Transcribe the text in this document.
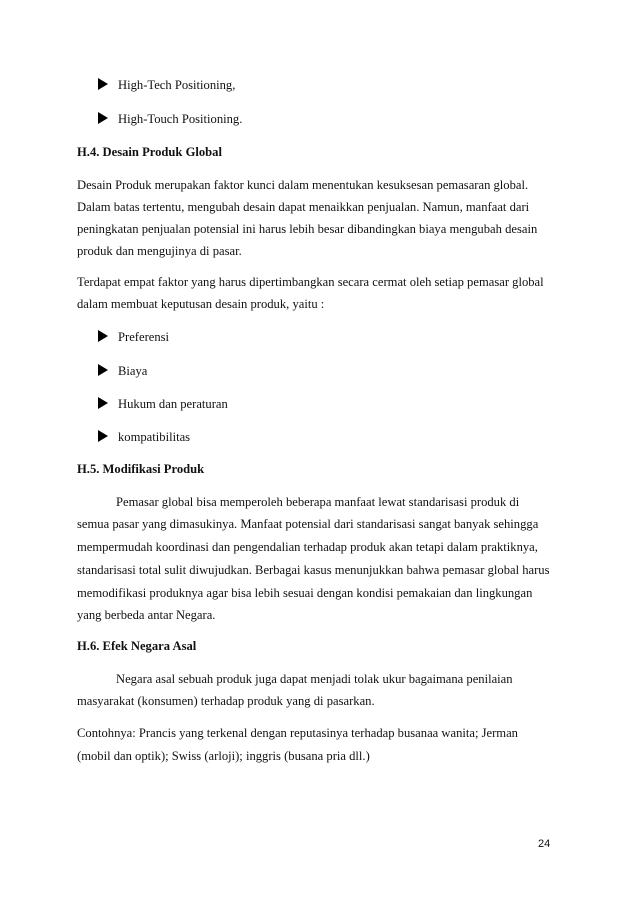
High-Tech Positioning,
High-Touch Positioning.
H.4. Desain Produk Global
Desain Produk merupakan faktor kunci dalam menentukan kesuksesan pemasaran global.
Dalam batas tertentu, mengubah desain dapat menaikkan penjualan. Namun, manfaat dari
peningkatan penjualan potensial ini harus lebih besar dibandingkan biaya mengubah desain
produk dan mengujinya di pasar.
Terdapat empat faktor yang harus dipertimbangkan secara cermat oleh setiap pemasar global
dalam membuat keputusan desain produk, yaitu :
Preferensi
Biaya
Hukum dan peraturan
kompatibilitas
H.5. Modifikasi Produk
Pemasar global bisa memperoleh beberapa manfaat lewat standarisasi produk di
semua pasar yang dimasukinya. Manfaat potensial dari standarisasi sangat banyak sehingga
mempermudah koordinasi dan pengendalian terhadap produk akan tetapi dalam praktiknya,
standarisasi total sulit diwujudkan. Berbagai kasus menunjukkan bahwa pemasar global harus
memodifikasi produknya agar bisa lebih sesuai dengan kondisi pemakaian dan lingkungan
yang berbeda antar Negara.
H.6. Efek Negara Asal
Negara asal sebuah produk juga dapat menjadi tolak ukur bagaimana penilaian
masyarakat (konsumen) terhadap produk yang di pasarkan.
Contohnya: Prancis yang terkenal dengan reputasinya terhadap busanaa wanita; Jerman
(mobil dan optik); Swiss (arloji); inggris (busana pria dll.)
24
